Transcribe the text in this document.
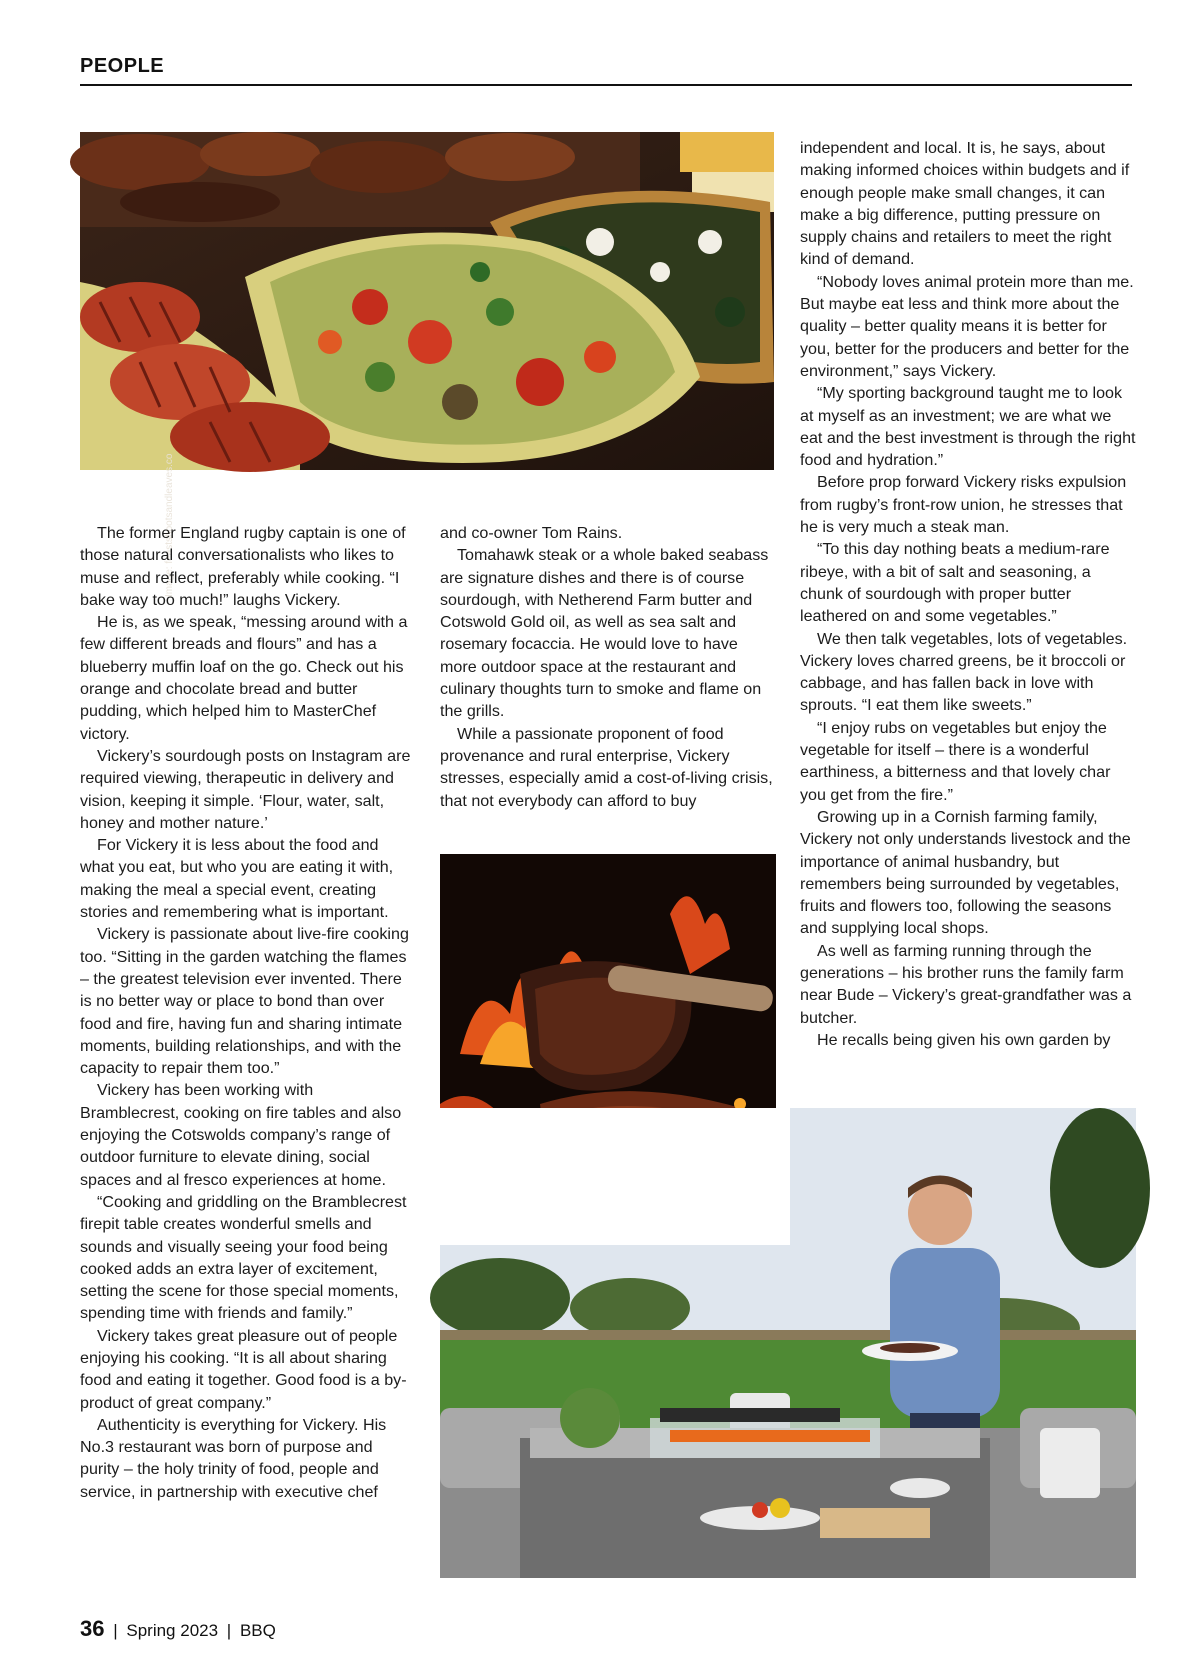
PEOPLE
Image: feastshootsandleaves.co

The former England rugby captain is one of those natural conversationalists who likes to muse and reflect, preferably while cooking. “I bake way too much!” laughs Vickery.

He is, as we speak, “messing around with a few different breads and flours” and has a blueberry muffin loaf on the go. Check out his orange and chocolate bread and butter pudding, which helped him to MasterChef victory.

Vickery’s sourdough posts on Instagram are required viewing, therapeutic in delivery and vision, keeping it simple. ‘Flour, water, salt, honey and mother nature.’

For Vickery it is less about the food and what you eat, but who you are eating it with, making the meal a special event, creating stories and remembering what is important.

Vickery is passionate about live-fire cooking too. “Sitting in the garden watching the flames – the greatest television ever invented. There is no better way or place to bond than over food and fire, having fun and sharing intimate moments, building relationships, and with the capacity to repair them too.”

Vickery has been working with Bramblecrest, cooking on fire tables and also enjoying the Cotswolds company’s range of outdoor furniture to elevate dining, social spaces and al fresco experiences at home.

“Cooking and griddling on the Bramblecrest firepit table creates wonderful smells and sounds and visually seeing your food being cooked adds an extra layer of excitement, setting the scene for those special moments, spending time with friends and family.”

Vickery takes great pleasure out of people enjoying his cooking. “It is all about sharing food and eating it together. Good food is a by-product of great company.”

Authenticity is everything for Vickery. His No.3 restaurant was born of purpose and purity – the holy trinity of food, people and service, in partnership with executive chef

and co-owner Tom Rains.

Tomahawk steak or a whole baked seabass are signature dishes and there is of course sourdough, with Netherend Farm butter and Cotswold Gold oil, as well as sea salt and rosemary focaccia. He would love to have more outdoor space at the restaurant and culinary thoughts turn to smoke and flame on the grills.

While a passionate proponent of food provenance and rural enterprise, Vickery stresses, especially amid a cost-of-living crisis, that not everybody can afford to buy

independent and local. It is, he says, about making informed choices within budgets and if enough people make small changes, it can make a big difference, putting pressure on supply chains and retailers to meet the right kind of demand.

“Nobody loves animal protein more than me. But maybe eat less and think more about the quality – better quality means it is better for you, better for the producers and better for the environment,” says Vickery.

“My sporting background taught me to look at myself as an investment; we are what we eat and the best investment is through the right food and hydration.”

Before prop forward Vickery risks expulsion from rugby’s front-row union, he stresses that he is very much a steak man.

“To this day nothing beats a medium-rare ribeye, with a bit of salt and seasoning, a chunk of sourdough with proper butter leathered on and some vegetables.”

We then talk vegetables, lots of vegetables. Vickery loves charred greens, be it broccoli or cabbage, and has fallen back in love with sprouts. “I eat them like sweets.”

“I enjoy rubs on vegetables but enjoy the vegetable for itself – there is a wonderful earthiness, a bitterness and that lovely char you get from the fire.”

Growing up in a Cornish farming family, Vickery not only understands livestock and the importance of animal husbandry, but remembers being surrounded by vegetables, fruits and flowers too, following the seasons and supplying local shops.

As well as farming running through the generations – his brother runs the family farm near Bude – Vickery’s great-grandfather was a butcher.

He recalls being given his own garden by

36 | Spring 2023 | BBQ
